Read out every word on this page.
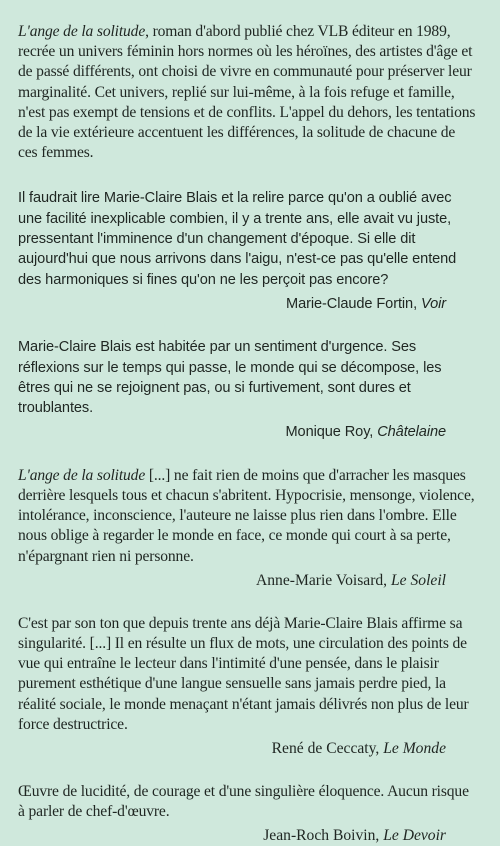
L'ange de la solitude, roman d'abord publié chez VLB éditeur en 1989, recrée un univers féminin hors normes où les héroïnes, des artistes d'âge et de passé différents, ont choisi de vivre en communauté pour préserver leur marginalité. Cet univers, replié sur lui-même, à la fois refuge et famille, n'est pas exempt de tensions et de conflits. L'appel du dehors, les tentations de la vie extérieure accentuent les différences, la solitude de chacune de ces femmes.

Il faudrait lire Marie-Claire Blais et la relire parce qu'on a oublié avec une facilité inexplicable combien, il y a trente ans, elle avait vu juste, pressentant l'imminence d'un changement d'époque. Si elle dit aujourd'hui que nous arrivons dans l'aigu, n'est-ce pas qu'elle entend des harmoniques si fines qu'on ne les perçoit pas encore?

Marie-Claude Fortin, Voir

Marie-Claire Blais est habitée par un sentiment d'urgence. Ses réflexions sur le temps qui passe, le monde qui se décompose, les êtres qui ne se rejoignent pas, ou si furtivement, sont dures et troublantes.

Monique Roy, Châtelaine

L'ange de la solitude [...] ne fait rien de moins que d'arracher les masques derrière lesquels tous et chacun s'abritent. Hypocrisie, mensonge, violence, intolérance, inconscience, l'auteure ne laisse plus rien dans l'ombre. Elle nous oblige à regarder le monde en face, ce monde qui court à sa perte, n'épargnant rien ni personne.

Anne-Marie Voisard, Le Soleil

C'est par son ton que depuis trente ans déjà Marie-Claire Blais affirme sa singularité. [...] Il en résulte un flux de mots, une circulation des points de vue qui entraîne le lecteur dans l'intimité d'une pensée, dans le plaisir purement esthétique d'une langue sensuelle sans jamais perdre pied, la réalité sociale, le monde menaçant n'étant jamais délivrés non plus de leur force destructrice.

René de Ceccaty, Le Monde

Œuvre de lucidité, de courage et d'une singulière éloquence. Aucun risque à parler de chef-d'œuvre.

Jean-Roch Boivin, Le Devoir
